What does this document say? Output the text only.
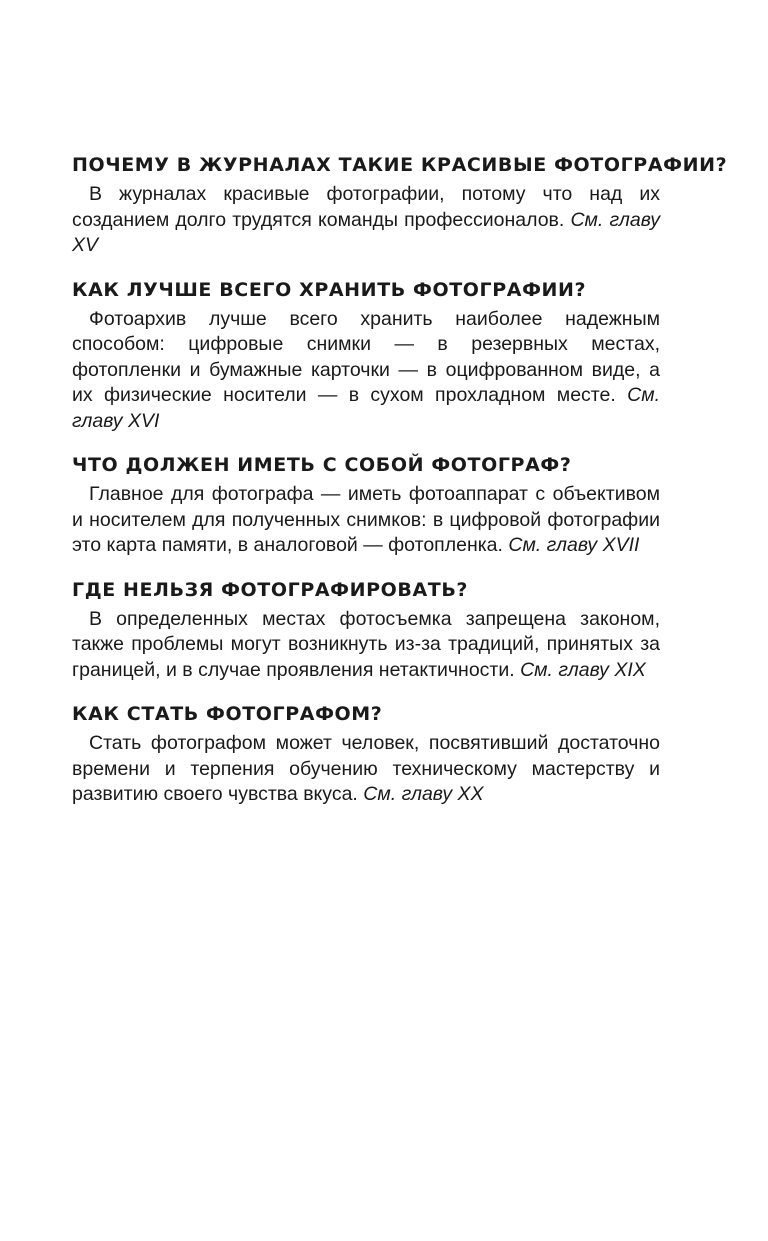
ПОЧЕМУ В ЖУРНАЛАХ ТАКИЕ КРАСИВЫЕ ФОТОГРАФИИ?

В журналах красивые фотографии, потому что над их созданием долго трудятся команды профессионалов. См. главу XV

КАК ЛУЧШЕ ВСЕГО ХРАНИТЬ ФОТОГРАФИИ?

Фотоархив лучше всего хранить наиболее надежным способом: цифровые снимки — в резервных местах, фотопленки и бумажные карточки — в оцифрованном виде, а их физические носители — в сухом прохладном месте. См. главу XVI

ЧТО ДОЛЖЕН ИМЕТЬ С СОБОЙ ФОТОГРАФ?

Главное для фотографа — иметь фотоаппарат с объективом и носителем для полученных снимков: в цифровой фотографии это карта памяти, в аналоговой — фотопленка. См. главу XVII

ГДЕ НЕЛЬЗЯ ФОТОГРАФИРОВАТЬ?

В определенных местах фотосъемка запрещена законом, также проблемы могут возникнуть из-за традиций, принятых за границей, и в случае проявления нетактичности. См. главу XIX

КАК СТАТЬ ФОТОГРАФОМ?

Стать фотографом может человек, посвятивший достаточно времени и терпения обучению техническому мастерству и развитию своего чувства вкуса. См. главу XX
